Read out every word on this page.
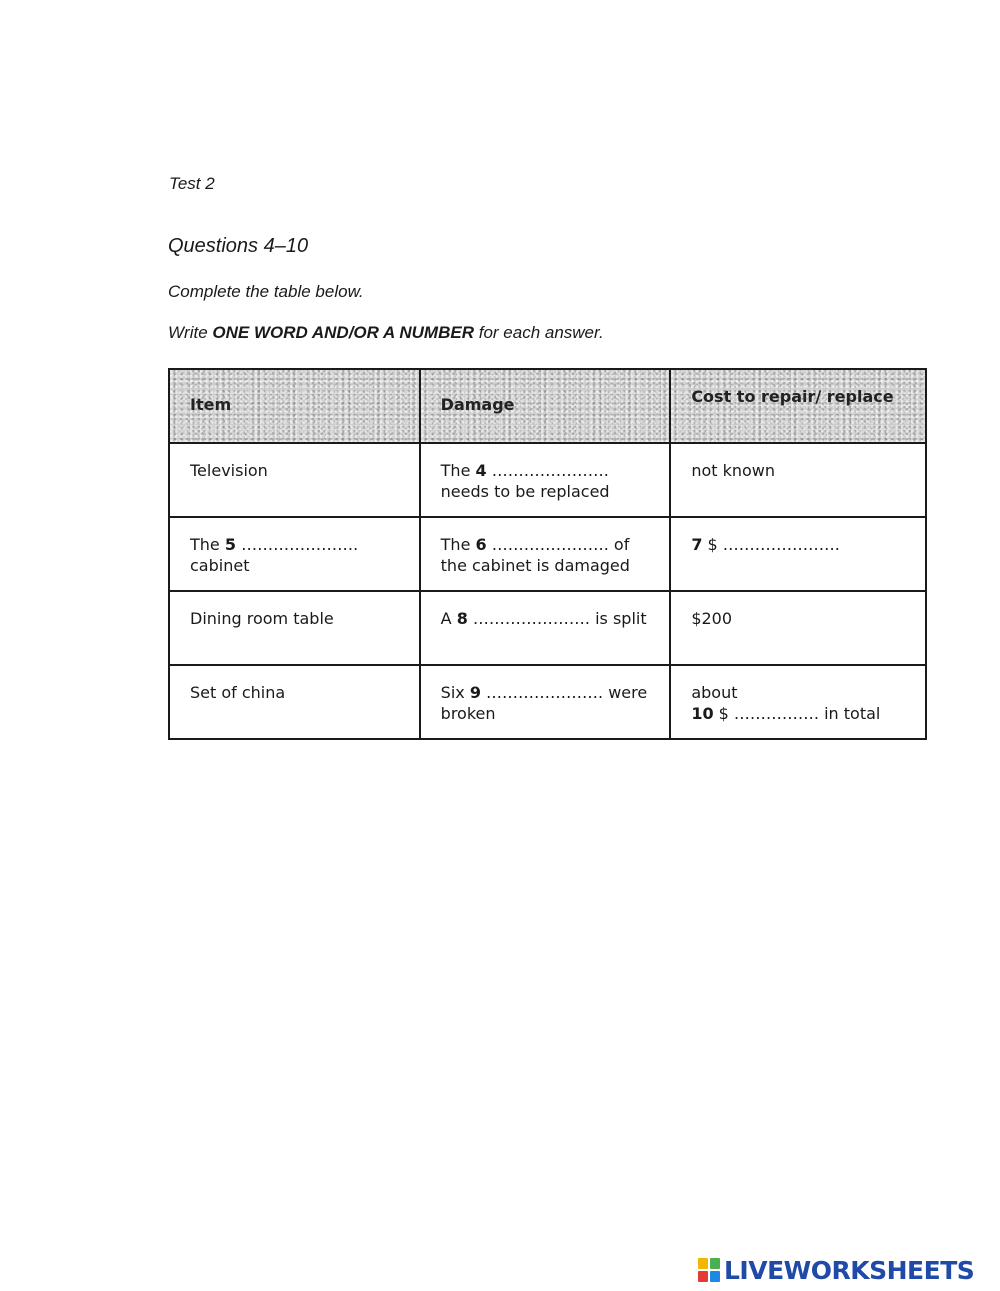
Test 2
Questions 4–10
Complete the table below.
Write ONE WORD AND/OR A NUMBER for each answer.
Item	Damage	Cost to repair/ replace

Television	The 4 …………………. needs to be replaced	not known

The 5 …………………. cabinet	The 6 …………………. of the cabinet is damaged	7 $ ………………….

Dining room table	A 8 …………………. is split	$200

Set of china	Six 9 …………………. were broken	about
10 $ ……………. in total
LIVEWORKSHEETS
